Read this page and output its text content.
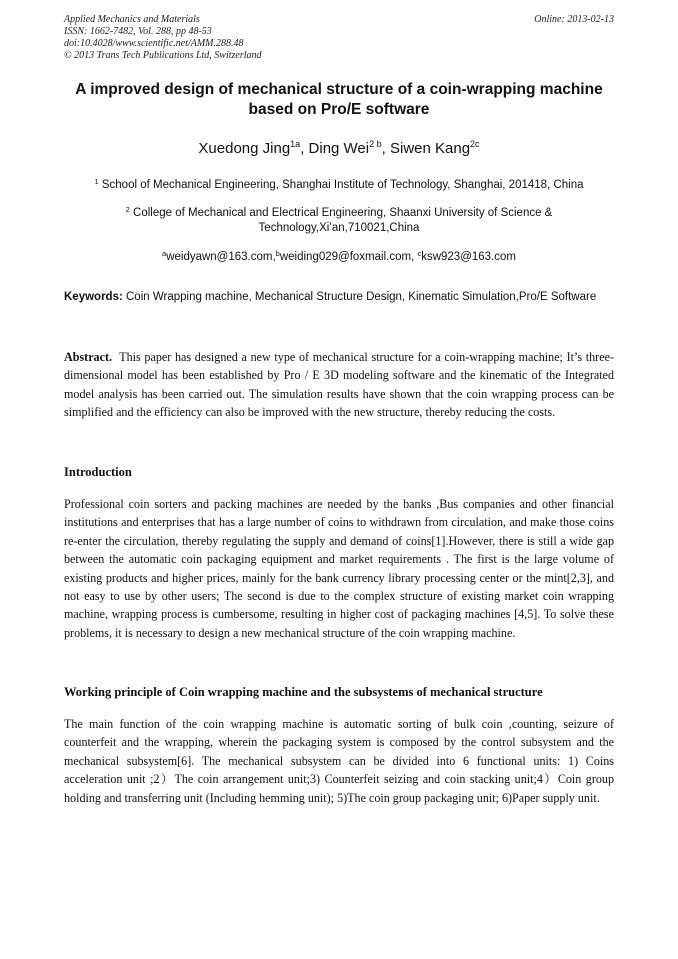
Applied Mechanics and Materials
ISSN: 1662-7482, Vol. 288, pp 48-53
doi:10.4028/www.scientific.net/AMM.288.48
© 2013 Trans Tech Publications Ltd, Switzerland
Online: 2013-02-13
A improved design of mechanical structure of a coin-wrapping machine based on Pro/E software
Xuedong Jing$^{1a}$, Ding Wei$^{2 b}$, Siwen Kang$^{2c}$
$^1$ School of Mechanical Engineering, Shanghai Institute of Technology, Shanghai, 201418, China
$^2$ College of Mechanical and Electrical Engineering, Shaanxi University of Science & Technology,Xi’an,710021,China
$^a$weidyawn@163.com,$^b$weiding029@foxmail.com, $^c$ksw923@163.com
Keywords: Coin Wrapping machine, Mechanical Structure Design, Kinematic Simulation,Pro/E Software
Abstract. This paper has designed a new type of mechanical structure for a coin-wrapping machine; It’s three-dimensional model has been established by Pro / E 3D modeling software and the kinematic of the Integrated model analysis has been carried out. The simulation results have shown that the coin wrapping process can be simplified and the efficiency can also be improved with the new structure, thereby reducing the costs.
Introduction
Professional coin sorters and packing machines are needed by the banks ,Bus companies and other financial institutions and enterprises that has a large number of coins to withdrawn from circulation, and make those coins re-enter the circulation, thereby regulating the supply and demand of coins[1].However, there is still a wide gap between the automatic coin packaging equipment and market requirements . The first is the large volume of existing products and higher prices, mainly for the bank currency library processing center or the mint[2,3], and not easy to use by other users; The second is due to the complex structure of existing market coin wrapping machine, wrapping process is cumbersome, resulting in higher cost of packaging machines [4,5]. To solve these problems, it is necessary to design a new mechanical structure of the coin wrapping machine.
Working principle of Coin wrapping machine and the subsystems of mechanical structure
The main function of the coin wrapping machine is automatic sorting of bulk coin ,counting, seizure of counterfeit and the wrapping, wherein the packaging system is composed by the control subsystem and the mechanical subsystem[6]. The mechanical subsystem can be divided into 6 functional units: 1) Coins acceleration unit ;2）The coin arrangement unit;3) Counterfeit seizing and coin stacking unit;4）Coin group holding and transferring unit (Including hemming unit); 5)The coin group packaging unit; 6)Paper supply unit.
